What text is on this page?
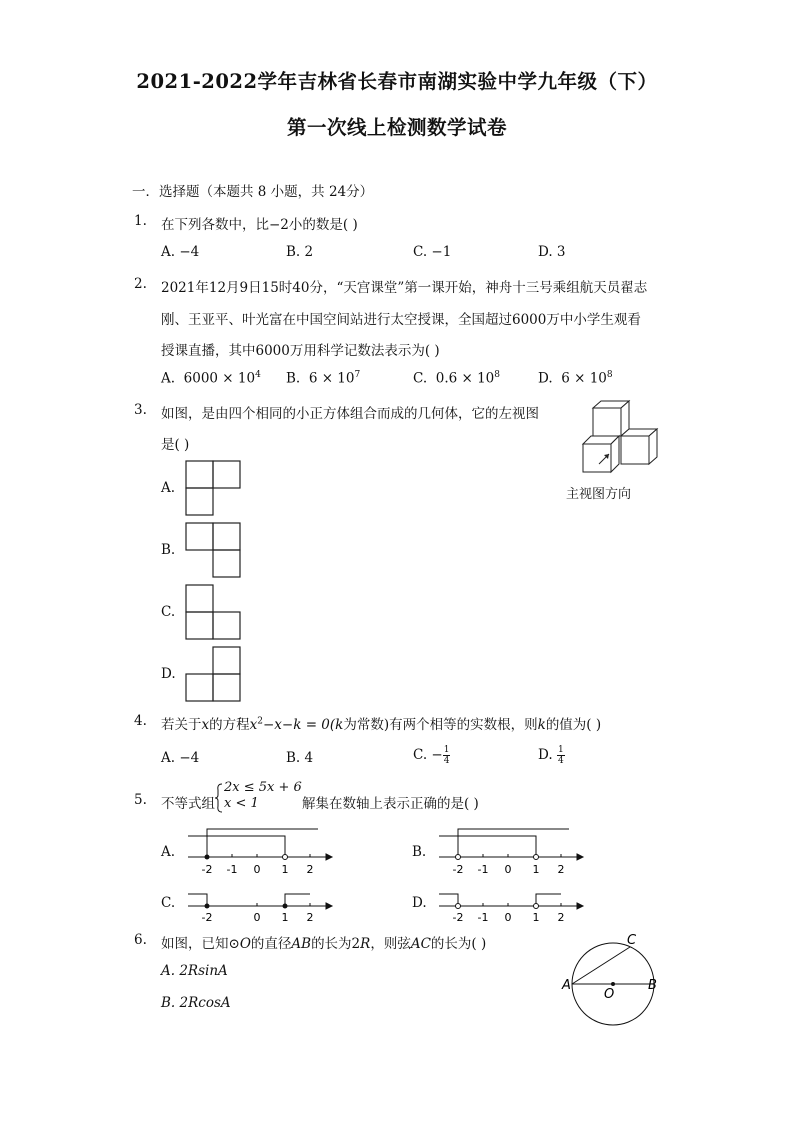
2021-2022学年吉林省长春市南湖实验中学九年级（下）
第一次线上检测数学试卷
一．选择题（本题共 8 小题，共 24分）
1. 在下列各数中，比−2小的数是( )
A. −4	B. 2	C. −1	D. 3
2. 2021年12月9日15时40分，“天宫课堂”第一课开始，神舟十三号乘组航天员翟志
刚、王亚平、叶光富在中国空间站进行太空授课，全国超过6000万中小学生观看
授课直播，其中6000万用科学记数法表示为( )
A. $6000 \times 10^4$ B. $6 \times 10^7$	C. $0.6 \times 10^8$	D. $6 \times 10^8$
3. 如图，是由四个相同的小正方体组合而成的几何体，它的左视图
是( )
主视图方向
A.
B.
C.
D.
4. 若关于x的方程$x^2-x-k = 0(k$为常数)有两个相等的实数根，则k的值为( )
A. −4	B. 4	C. − $\frac{1}{4}$	D. $\frac{1}{4}$
5. 不等式组
2x ≤ 5x + 6
x < 1	解集在数轴上表示正确的是( )
A.
-2 -1 0 1 2
B.
-2 -1 0 1 2
C.
-2	0 1 2
D.
-2 -1 0 1 2
6. 如图，已知⊙O的直径AB的长为2R，则弦AC的长为( )
A. 2RsinA
B. 2RcosA
A	B
C
O
